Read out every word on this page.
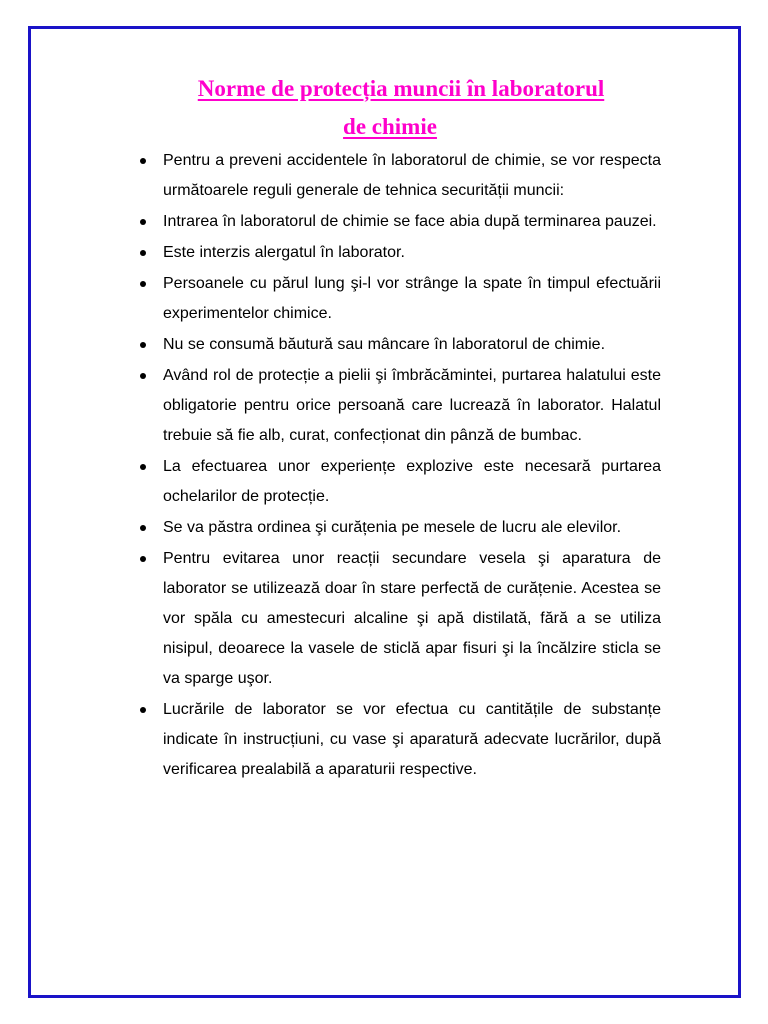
Norme de protecția muncii în laboratorul
de chimie
Pentru a preveni accidentele în laboratorul de chimie, se vor respecta următoarele reguli generale de tehnica securității muncii:
Intrarea în laboratorul de chimie se face abia după terminarea pauzei.
Este interzis alergatul în laborator.
Persoanele cu părul lung şi-l vor strânge la spate în timpul efectuării experimentelor chimice.
Nu se consumă băutură sau mâncare în laboratorul de chimie.
Având rol de protecție a pielii şi îmbrăcămintei, purtarea halatului este obligatorie pentru orice persoană care lucrează în laborator. Halatul trebuie să fie alb, curat, confecționat din pânză de bumbac.
La efectuarea unor experiențe explozive este necesară purtarea ochelarilor de protecție.
Se va păstra ordinea şi curățenia pe mesele de lucru ale elevilor.
Pentru evitarea unor reacții secundare vesela şi aparatura de laborator se utilizează doar în stare perfectă de curățenie. Acestea se vor spăla cu amestecuri alcaline şi apă distilată, fără a se utiliza nisipul, deoarece la vasele de sticlă apar fisuri şi la încălzire sticla se va sparge uşor.
Lucrările de laborator se vor efectua cu cantitățile de substanțe indicate în instrucțiuni, cu vase şi aparatură adecvate lucrărilor, după verificarea prealabilă a aparaturii respective.
